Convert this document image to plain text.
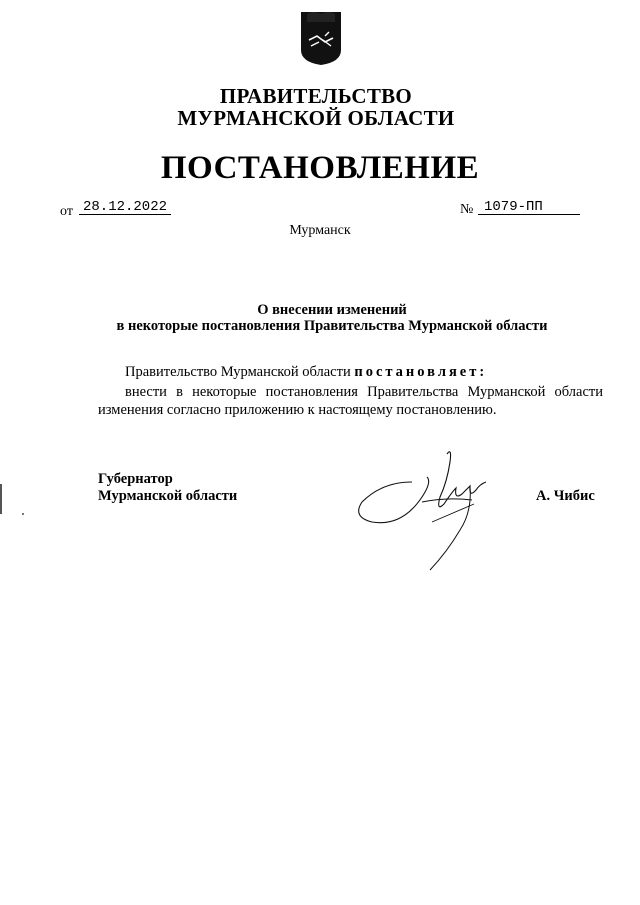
ПРАВИТЕЛЬСТВО
МУРМАНСКОЙ ОБЛАСТИ
ПОСТАНОВЛЕНИЕ
от 28.12.2022	№ 1079-ПП
Мурманск
О внесении изменений
в некоторые постановления Правительства Мурманской области
Правительство Мурманской области постановляет:
внести в некоторые постановления Правительства Мурманской области
изменения согласно приложению к настоящему постановлению.
Губернатор
Мурманской области	А. Чибис
